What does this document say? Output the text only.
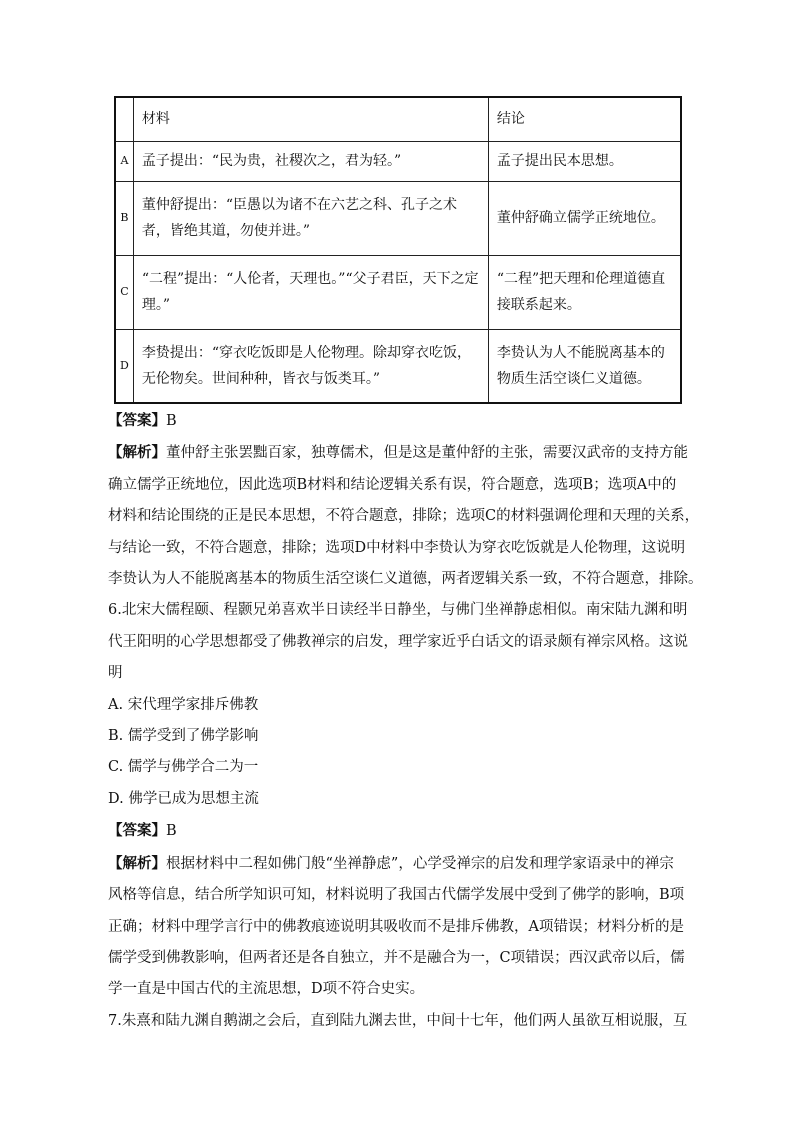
	材料	结论
A	孟子提出：“民为贵，社稷次之，君为轻。”	孟子提出民本思想。
B	董仲舒提出：“臣愚以为诸不在六艺之科、孔子之术者，皆绝其道，勿使并进。”	董仲舒确立儒学正统地位。
C	“二程”提出：“人伦者，天理也。”“父子君臣，天下之定理。”	“二程”把天理和伦理道德直接联系起来。
D	李贽提出：“穿衣吃饭即是人伦物理。除却穿衣吃饭，无伦物矣。世间种种，皆衣与饭类耳。”	李贽认为人不能脱离基本的物质生活空谈仁义道德。
【答案】B
【解析】董仲舒主张罢黜百家，独尊儒术，但是这是董仲舒的主张，需要汉武帝的支持方能
确立儒学正统地位，因此选项B材料和结论逻辑关系有误，符合题意，选项B；选项A中的
材料和结论围绕的正是民本思想，不符合题意，排除；选项C的材料强调伦理和天理的关系，
与结论一致，不符合题意，排除；选项D中材料中李贽认为穿衣吃饭就是人伦物理，这说明
李贽认为人不能脱离基本的物质生活空谈仁义道德，两者逻辑关系一致，不符合题意，排除。
6.北宋大儒程颐、程颢兄弟喜欢半日读经半日静坐，与佛门坐禅静虑相似。南宋陆九渊和明
代王阳明的心学思想都受了佛教禅宗的启发，理学家近乎白话文的语录颇有禅宗风格。这说
明
A. 宋代理学家排斥佛教
B. 儒学受到了佛学影响
C. 儒学与佛学合二为一
D. 佛学已成为思想主流
【答案】B
【解析】根据材料中二程如佛门般“坐禅静虑”，心学受禅宗的启发和理学家语录中的禅宗
风格等信息，结合所学知识可知，材料说明了我国古代儒学发展中受到了佛学的影响，B项
正确；材料中理学言行中的佛教痕迹说明其吸收而不是排斥佛教，A项错误；材料分析的是
儒学受到佛教影响，但两者还是各自独立，并不是融合为一，C项错误；西汉武帝以后，儒
学一直是中国古代的主流思想，D项不符合史实。
7.朱熹和陆九渊自鹅湖之会后，直到陆九渊去世，中间十七年，他们两人虽欲互相说服，互
